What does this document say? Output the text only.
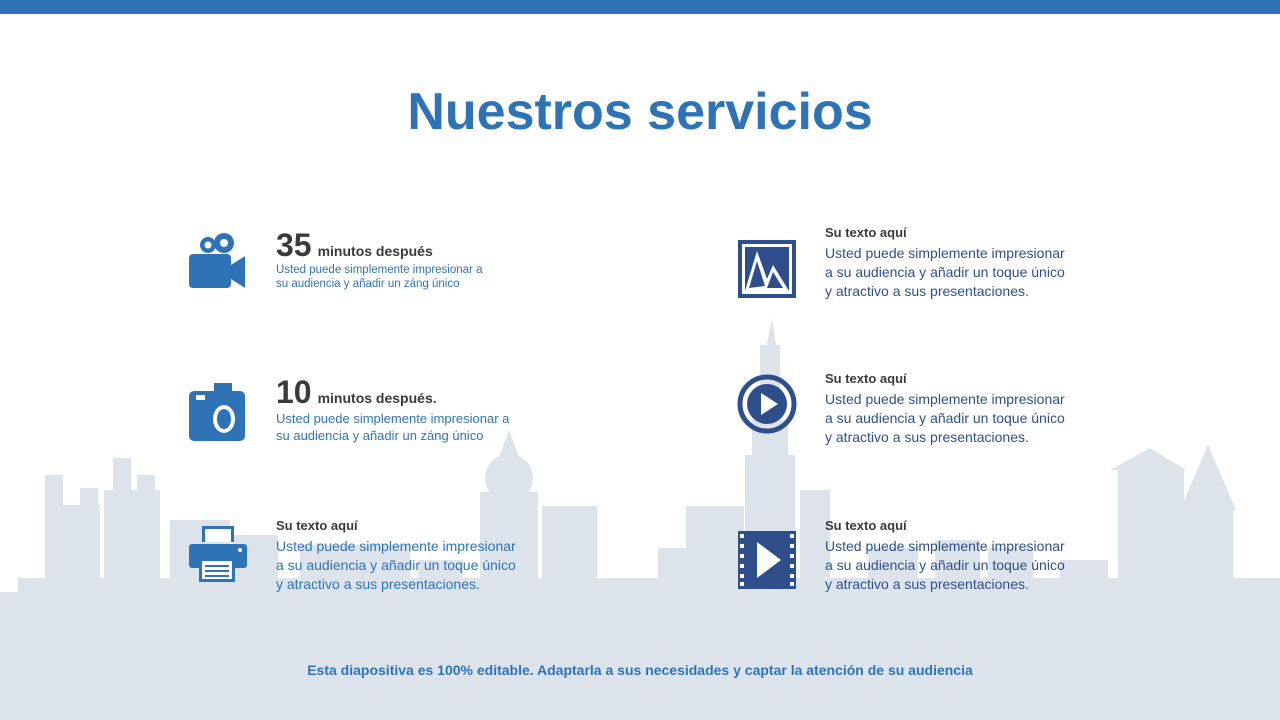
Nuestros servicios
35 minutos después
Usted puede simplemente impresionar a
su audiencia y añadir un záng único
10 minutos después.
Usted puede simplemente impresionar a
su audiencia y añadir un záng único
Su texto aquí
Usted puede simplemente impresionar
a su audiencia y añadir un toque único
y atractivo a sus presentaciones.
Su texto aquí
Usted puede simplemente impresionar
a su audiencia y añadir un toque único
y atractivo a sus presentaciones.
Su texto aquí
Usted puede simplemente impresionar
a su audiencia y añadir un toque único
y atractivo a sus presentaciones.
Su texto aquí
Usted puede simplemente impresionar
a su audiencia y añadir un toque único
y atractivo a sus presentaciones.
Esta diapositiva es 100% editable. Adaptarla a sus necesidades y captar la atención de su audiencia
